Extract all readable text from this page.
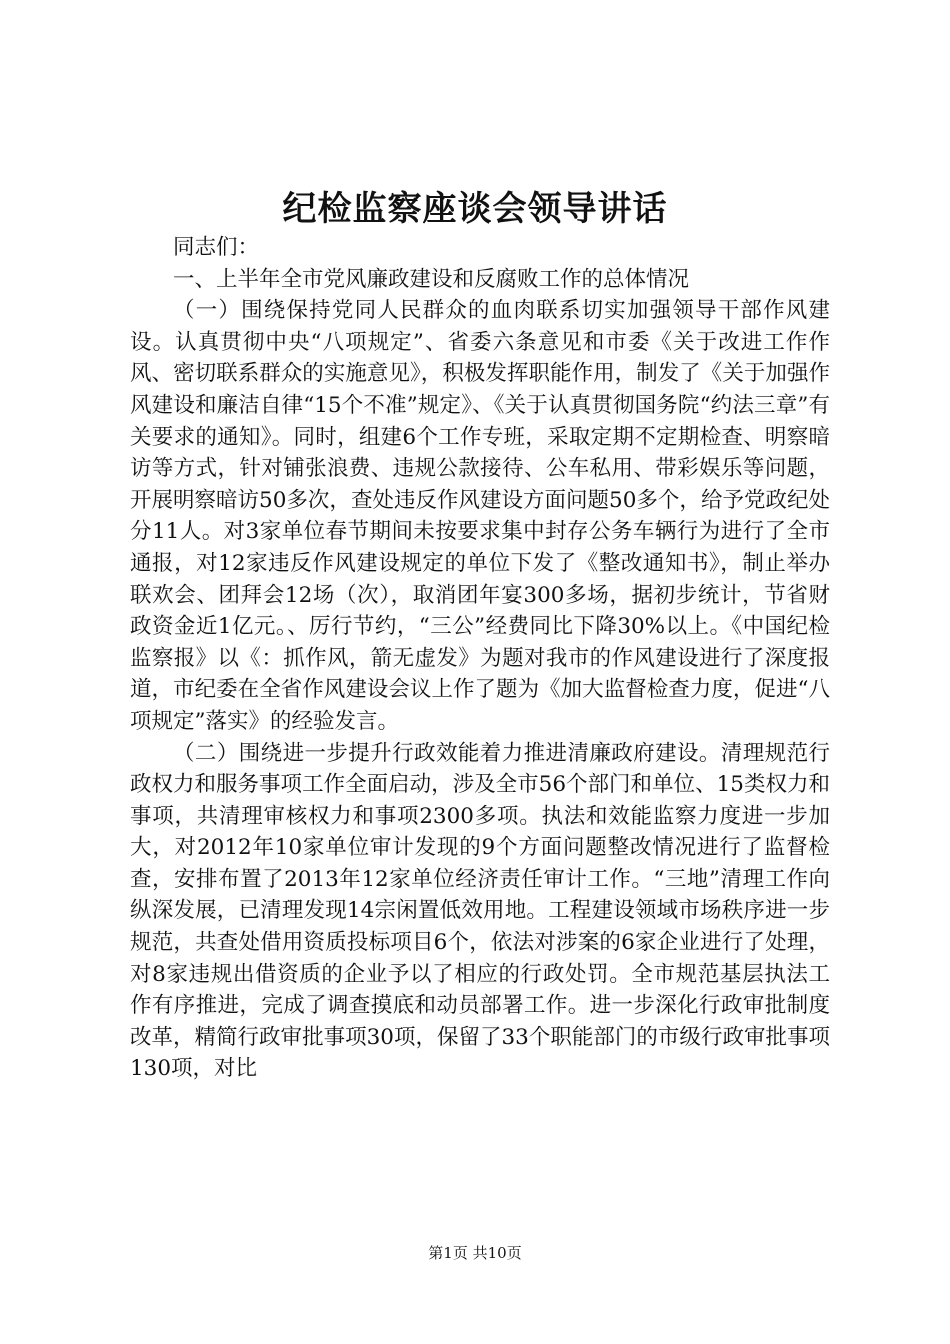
纪检监察座谈会领导讲话

同志们：

一、上半年全市党风廉政建设和反腐败工作的总体情况

（一）围绕保持党同人民群众的血肉联系切实加强领导干部作风建设。认真贯彻中央“八项规定”、省委六条意见和市委《关于改进工作作风、密切联系群众的实施意见》，积极发挥职能作用，制发了《关于加强作风建设和廉洁自律“15个不准”规定》、《关于认真贯彻国务院“约法三章”有关要求的通知》。同时，组建6个工作专班，采取定期不定期检查、明察暗访等方式，针对铺张浪费、违规公款接待、公车私用、带彩娱乐等问题，开展明察暗访50多次，查处违反作风建设方面问题50多个，给予党政纪处分11人。对3家单位春节期间未按要求集中封存公务车辆行为进行了全市通报，对12家违反作风建设规定的单位下发了《整改通知书》，制止举办联欢会、团拜会12场（次），取消团年宴300多场，据初步统计，节省财政资金近1亿元。、厉行节约，“三公”经费同比下降30%以上。《中国纪检监察报》以《：抓作风，箭无虚发》为题对我市的作风建设进行了深度报道，市纪委在全省作风建设会议上作了题为《加大监督检查力度，促进“八项规定”落实》的经验发言。

（二）围绕进一步提升行政效能着力推进清廉政府建设。清理规范行政权力和服务事项工作全面启动，涉及全市56个部门和单位、15类权力和事项，共清理审核权力和事项2300多项。执法和效能监察力度进一步加大，对2012年10家单位审计发现的9个方面问题整改情况进行了监督检查，安排布置了2013年12家单位经济责任审计工作。“三地”清理工作向纵深发展，已清理发现14宗闲置低效用地。工程建设领域市场秩序进一步规范，共查处借用资质投标项目6个，依法对涉案的6家企业进行了处理，对8家违规出借资质的企业予以了相应的行政处罚。全市规范基层执法工作有序推进，完成了调查摸底和动员部署工作。进一步深化行政审批制度改革，精简行政审批事项30项，保留了33个职能部门的市级行政审批事项130项，对比

第1页 共10页
